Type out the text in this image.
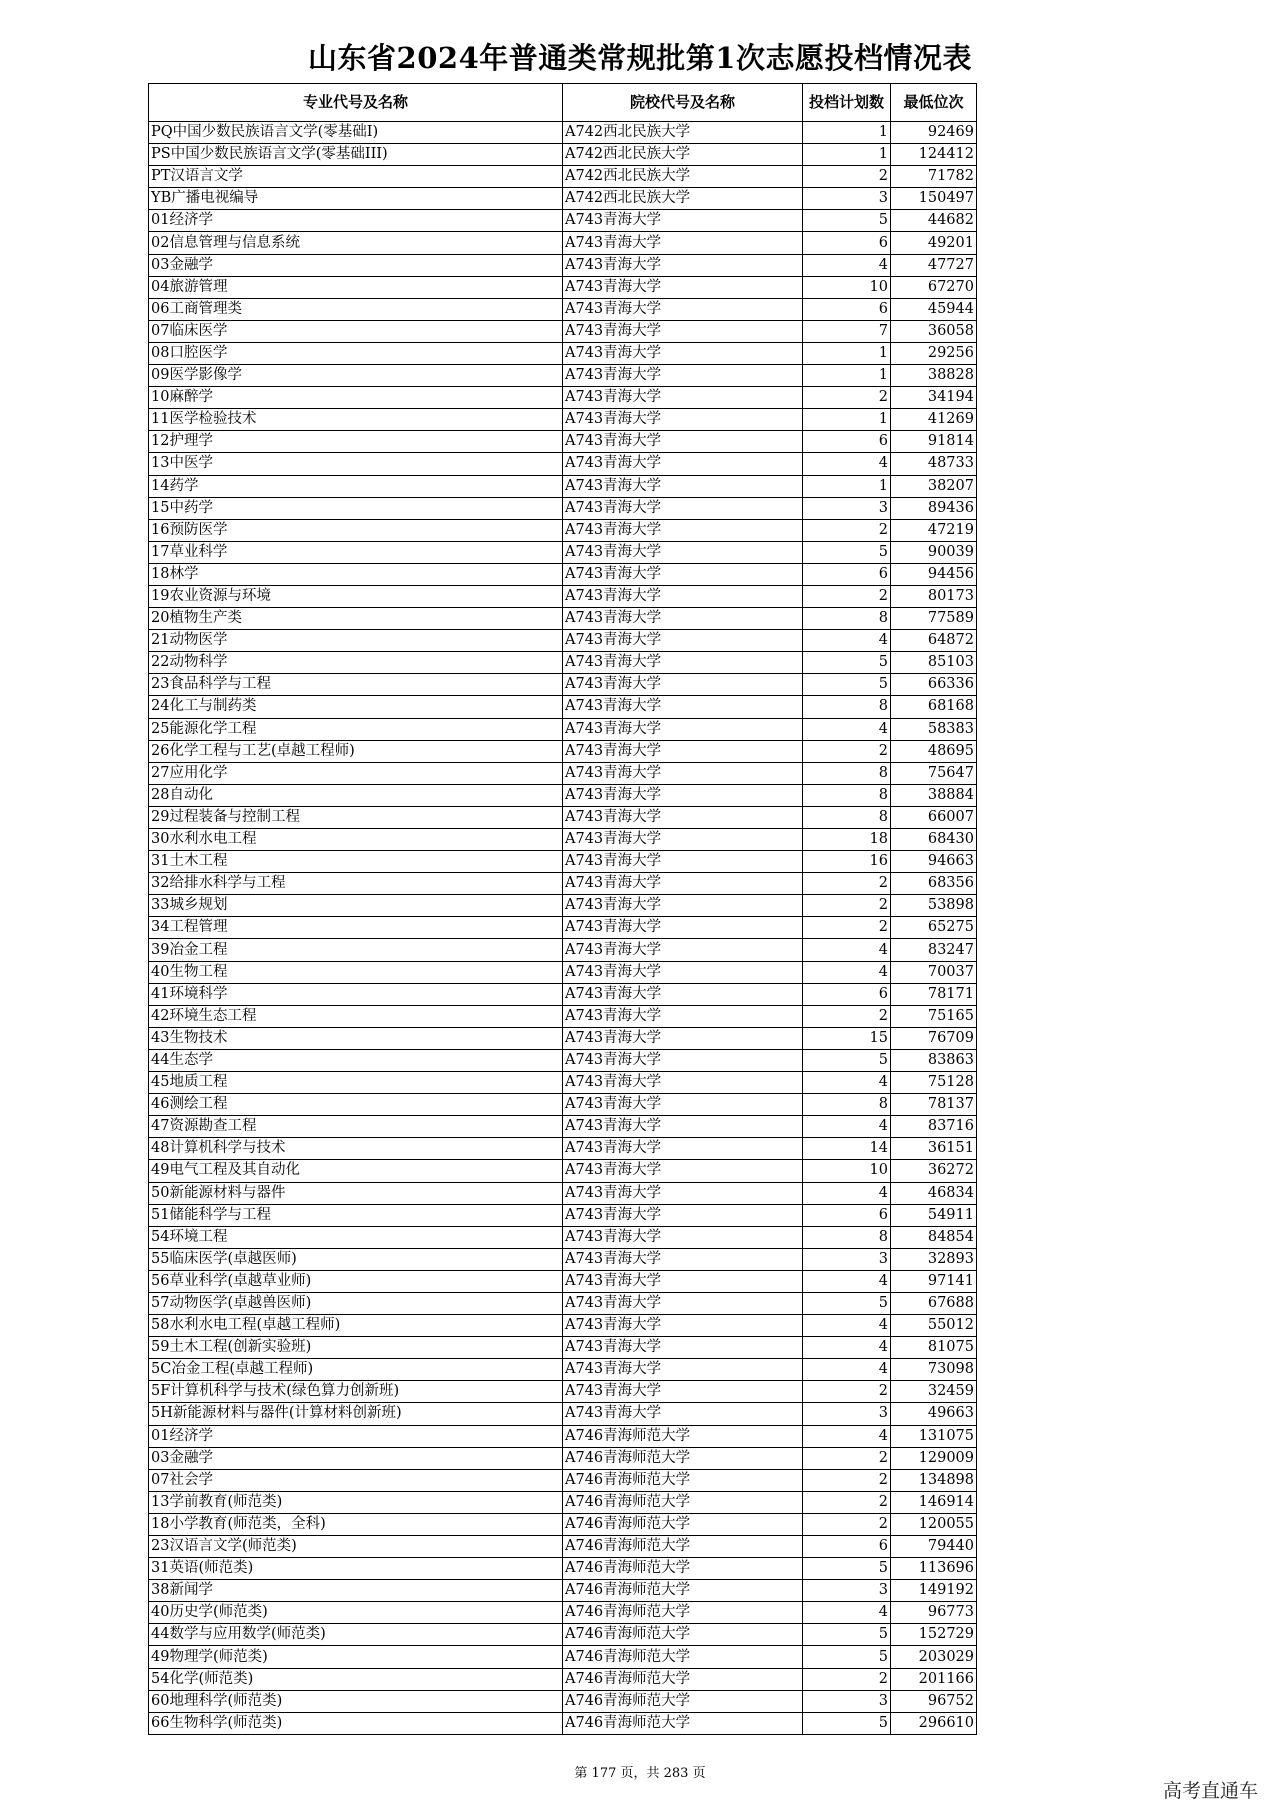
山东省2024年普通类常规批第1次志愿投档情况表
专业代号及名称	院校代号及名称	投档计划数	最低位次
PQ中国少数民族语言文学(零基础I)	A742西北民族大学	1	92469
PS中国少数民族语言文学(零基础III)	A742西北民族大学	1	124412
PT汉语言文学	A742西北民族大学	2	71782
YB广播电视编导	A742西北民族大学	3	150497
01经济学	A743青海大学	5	44682
02信息管理与信息系统	A743青海大学	6	49201
03金融学	A743青海大学	4	47727
04旅游管理	A743青海大学	10	67270
06工商管理类	A743青海大学	6	45944
07临床医学	A743青海大学	7	36058
08口腔医学	A743青海大学	1	29256
09医学影像学	A743青海大学	1	38828
10麻醉学	A743青海大学	2	34194
11医学检验技术	A743青海大学	1	41269
12护理学	A743青海大学	6	91814
13中医学	A743青海大学	4	48733
14药学	A743青海大学	1	38207
15中药学	A743青海大学	3	89436
16预防医学	A743青海大学	2	47219
17草业科学	A743青海大学	5	90039
18林学	A743青海大学	6	94456
19农业资源与环境	A743青海大学	2	80173
20植物生产类	A743青海大学	8	77589
21动物医学	A743青海大学	4	64872
22动物科学	A743青海大学	5	85103
23食品科学与工程	A743青海大学	5	66336
24化工与制药类	A743青海大学	8	68168
25能源化学工程	A743青海大学	4	58383
26化学工程与工艺(卓越工程师)	A743青海大学	2	48695
27应用化学	A743青海大学	8	75647
28自动化	A743青海大学	8	38884
29过程装备与控制工程	A743青海大学	8	66007
30水利水电工程	A743青海大学	18	68430
31土木工程	A743青海大学	16	94663
32给排水科学与工程	A743青海大学	2	68356
33城乡规划	A743青海大学	2	53898
34工程管理	A743青海大学	2	65275
39冶金工程	A743青海大学	4	83247
40生物工程	A743青海大学	4	70037
41环境科学	A743青海大学	6	78171
42环境生态工程	A743青海大学	2	75165
43生物技术	A743青海大学	15	76709
44生态学	A743青海大学	5	83863
45地质工程	A743青海大学	4	75128
46测绘工程	A743青海大学	8	78137
47资源勘查工程	A743青海大学	4	83716
48计算机科学与技术	A743青海大学	14	36151
49电气工程及其自动化	A743青海大学	10	36272
50新能源材料与器件	A743青海大学	4	46834
51储能科学与工程	A743青海大学	6	54911
54环境工程	A743青海大学	8	84854
55临床医学(卓越医师)	A743青海大学	3	32893
56草业科学(卓越草业师)	A743青海大学	4	97141
57动物医学(卓越兽医师)	A743青海大学	5	67688
58水利水电工程(卓越工程师)	A743青海大学	4	55012
59土木工程(创新实验班)	A743青海大学	4	81075
5C冶金工程(卓越工程师)	A743青海大学	4	73098
5F计算机科学与技术(绿色算力创新班)	A743青海大学	2	32459
5H新能源材料与器件(计算材料创新班)	A743青海大学	3	49663
01经济学	A746青海师范大学	4	131075
03金融学	A746青海师范大学	2	129009
07社会学	A746青海师范大学	2	134898
13学前教育(师范类)	A746青海师范大学	2	146914
18小学教育(师范类，全科)	A746青海师范大学	2	120055
23汉语言文学(师范类)	A746青海师范大学	6	79440
31英语(师范类)	A746青海师范大学	5	113696
38新闻学	A746青海师范大学	3	149192
40历史学(师范类)	A746青海师范大学	4	96773
44数学与应用数学(师范类)	A746青海师范大学	5	152729
49物理学(师范类)	A746青海师范大学	5	203029
54化学(师范类)	A746青海师范大学	2	201166
60地理科学(师范类)	A746青海师范大学	3	96752
66生物科学(师范类)	A746青海师范大学	5	296610
第 177 页，共 283 页
高考直通车
